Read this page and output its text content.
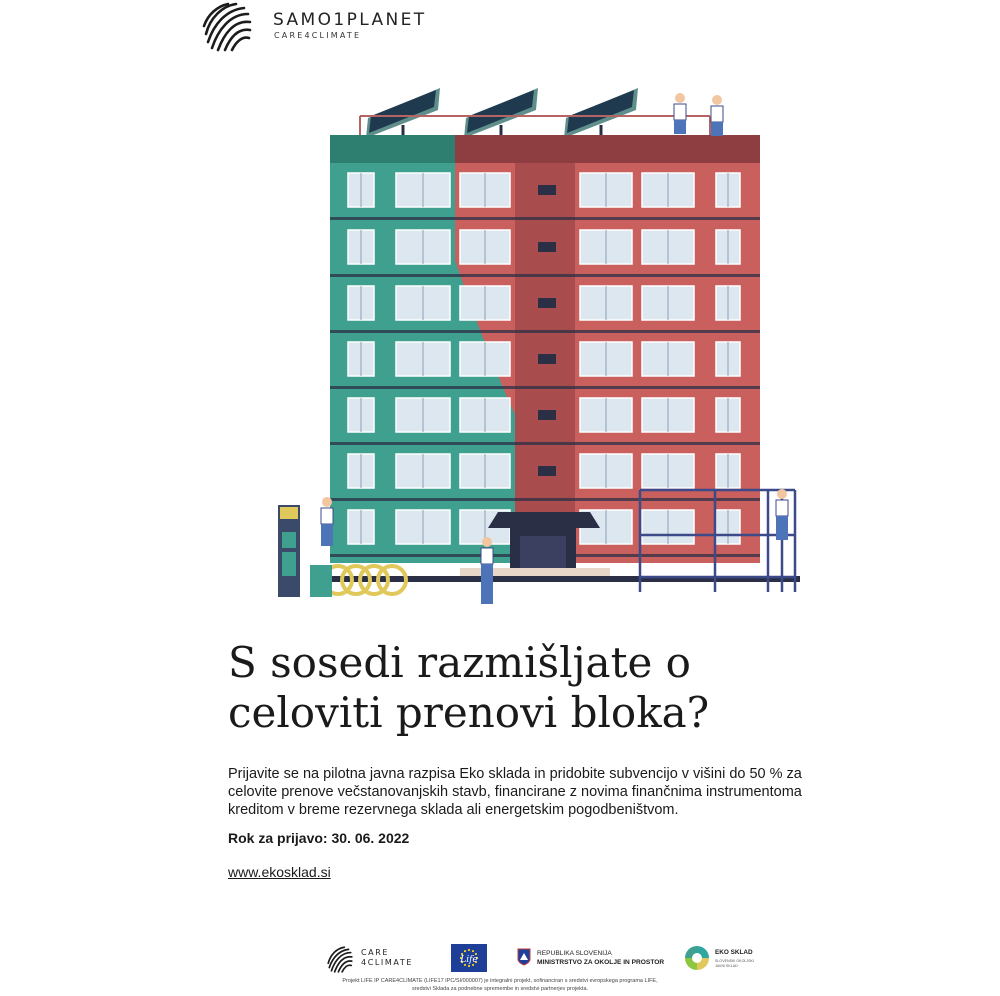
SAMO1PLANET
CARE4CLIMATE
S sosedi razmišljate o
celoviti prenovi bloka?

Prijavite se na pilotna javna razpisa Eko sklada in pridobite subvencijo v višini do 50 % za celovite prenove večstanovanjskih stavb, financirane z novima finančnima instrumentoma kreditom v breme rezervnega sklada ali energetskim pogodbeništvom.

Rok za prijavo: 30. 06. 2022
www.ekosklad.si
CARE
4CLIMATE	Life
REPUBLIKA SLOVENIJA
MINISTRSTVO ZA OKOLJE IN PROSTOR
EKO SKLAD
SLOVENSKI OKOLJSKI JAVNI SKLAD
Projekt LIFE IP CARE4CLIMATE (LIFE17 IPC/SI/000007) je integralni projekt, sofinanciran s sredstvi evropskega programa LIFE,
sredstvi Sklada za podnebne spremembe in sredstvi partnerjev projekta.
